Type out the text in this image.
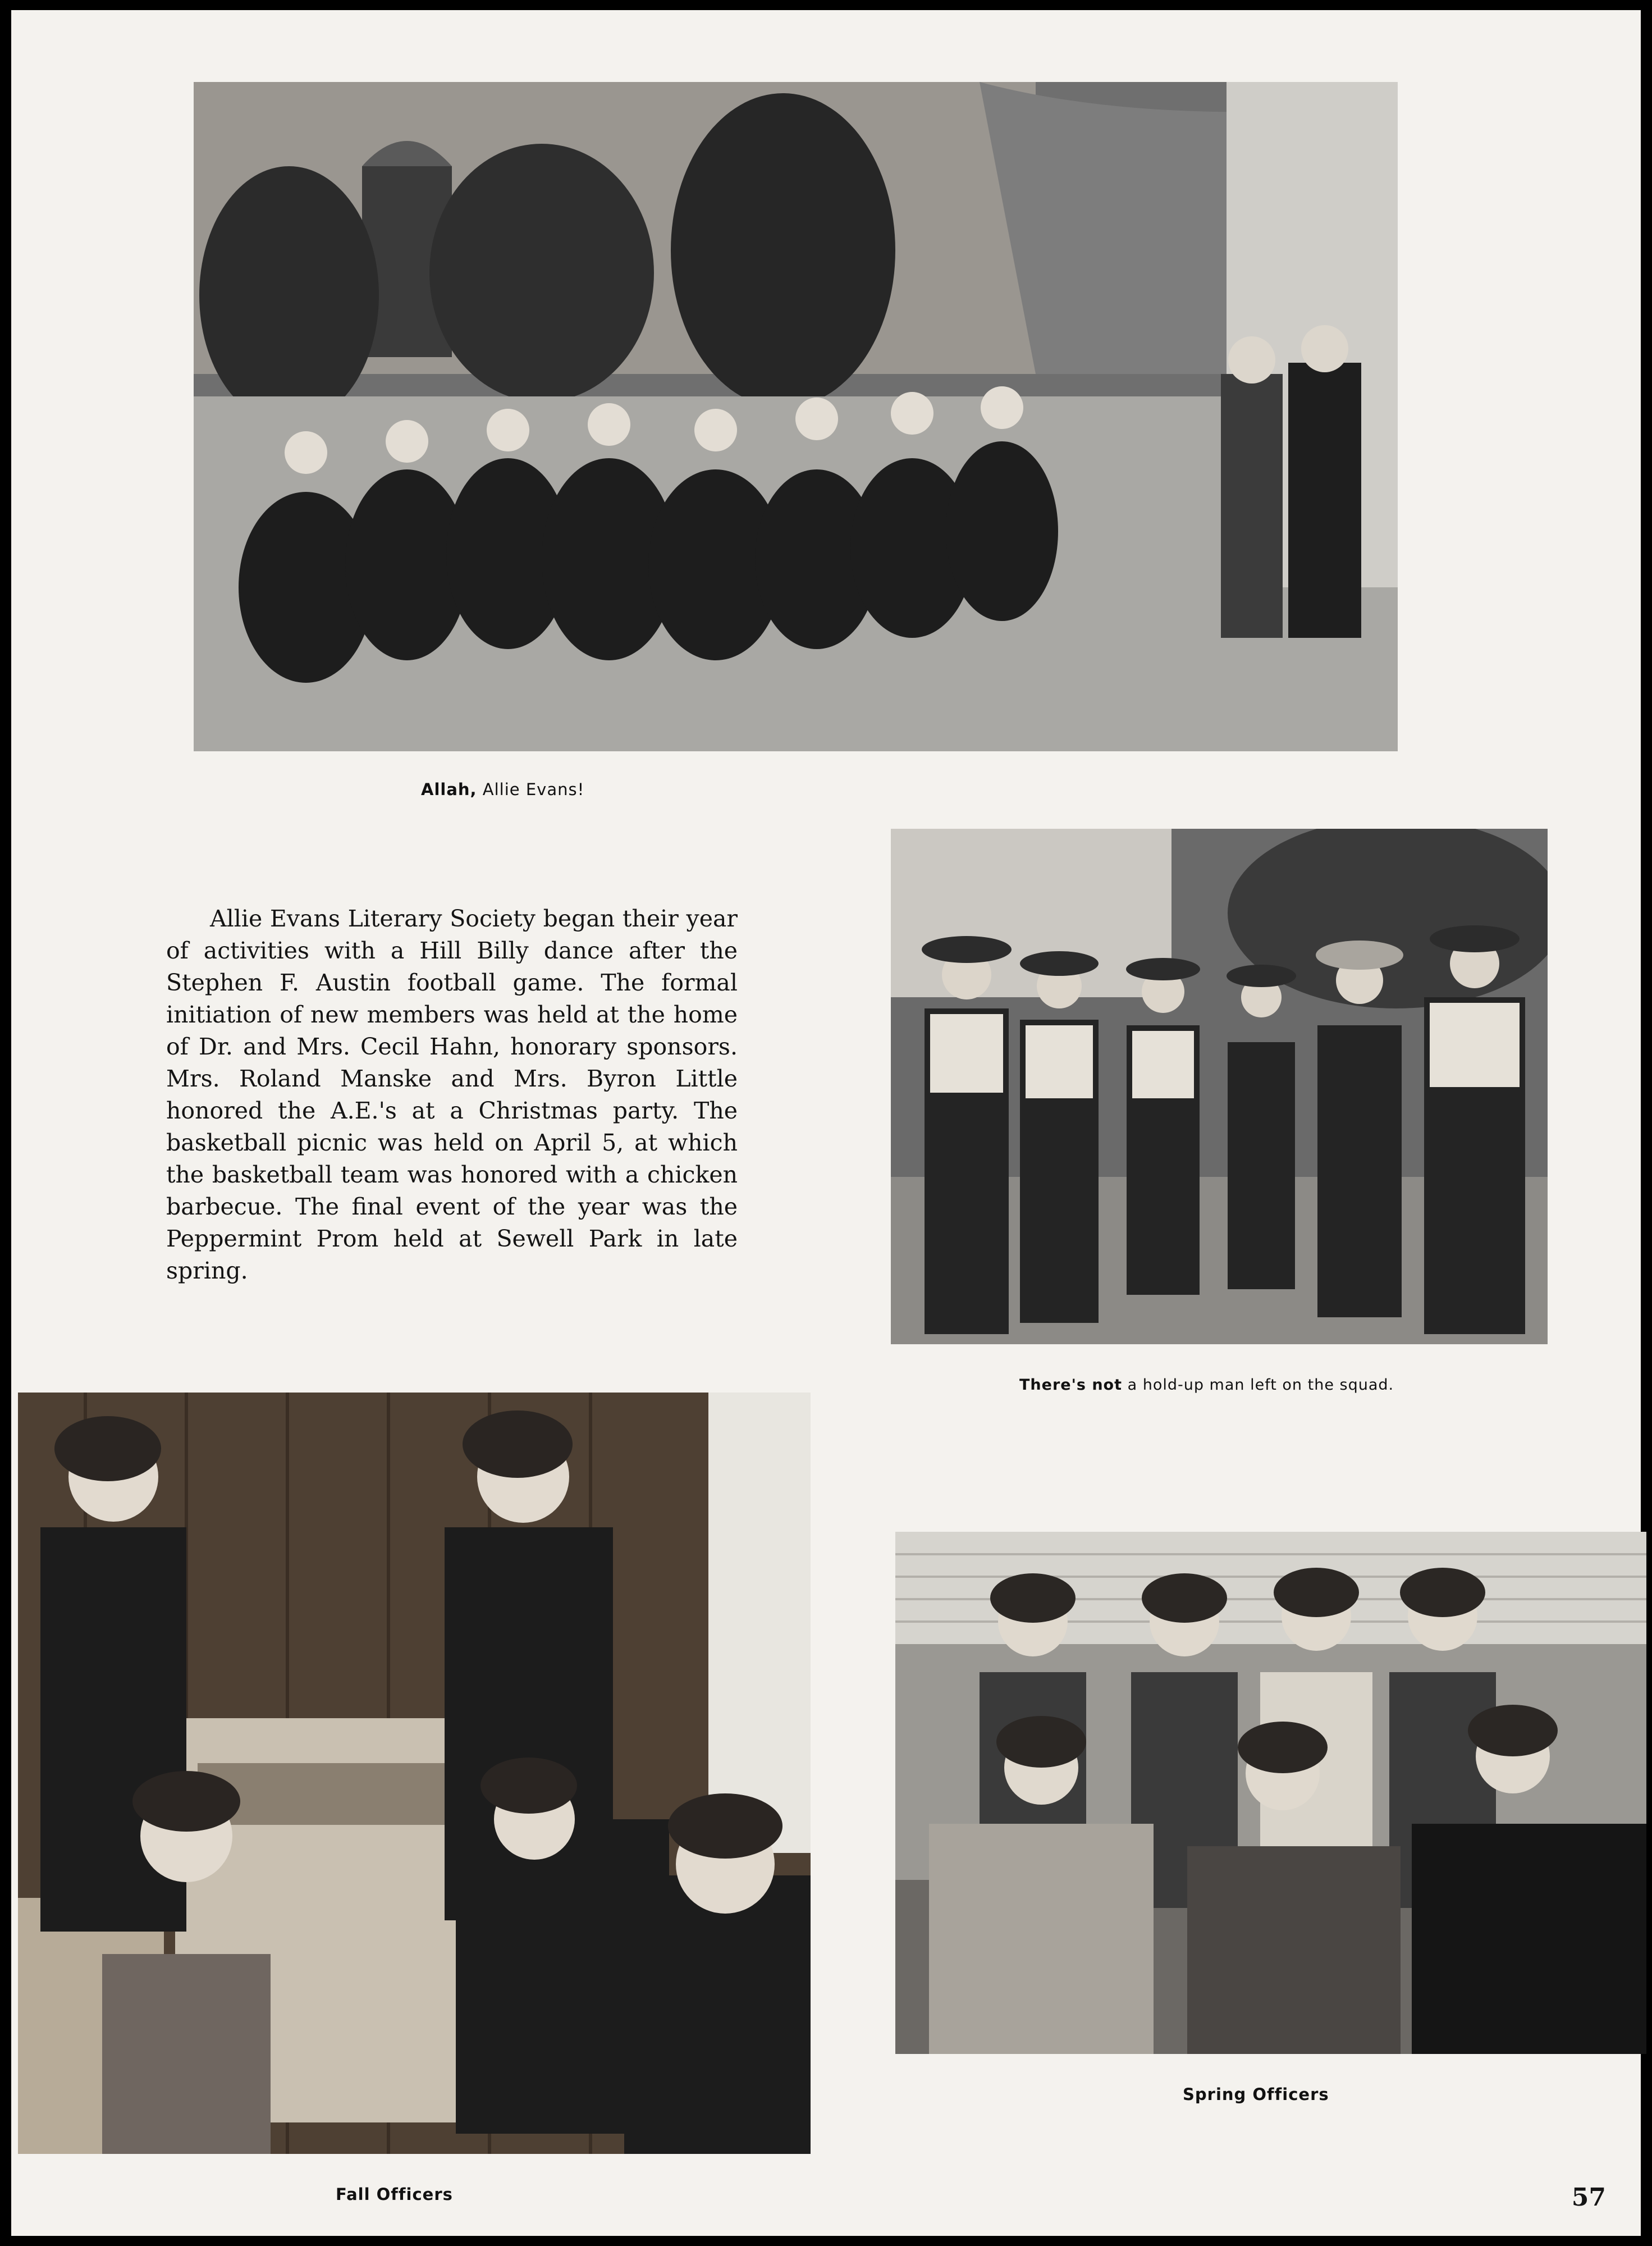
Allah, Allie Evans!

Allie Evans Literary Society began their year of activities with a Hill Billy dance after the Stephen F. Austin football game. The formal initiation of new members was held at the home of Dr. and Mrs. Cecil Hahn, honorary sponsors. Mrs. Roland Manske and Mrs. Byron Little honored the A.E.'s at a Christmas party. The basketball picnic was held on April 5, at which the basketball team was honored with a chicken barbecue. The final event of the year was the Peppermint Prom held at Sewell Park in late spring.

There's not a hold-up man left on the squad.
Fall Officers
Spring Officers
57
